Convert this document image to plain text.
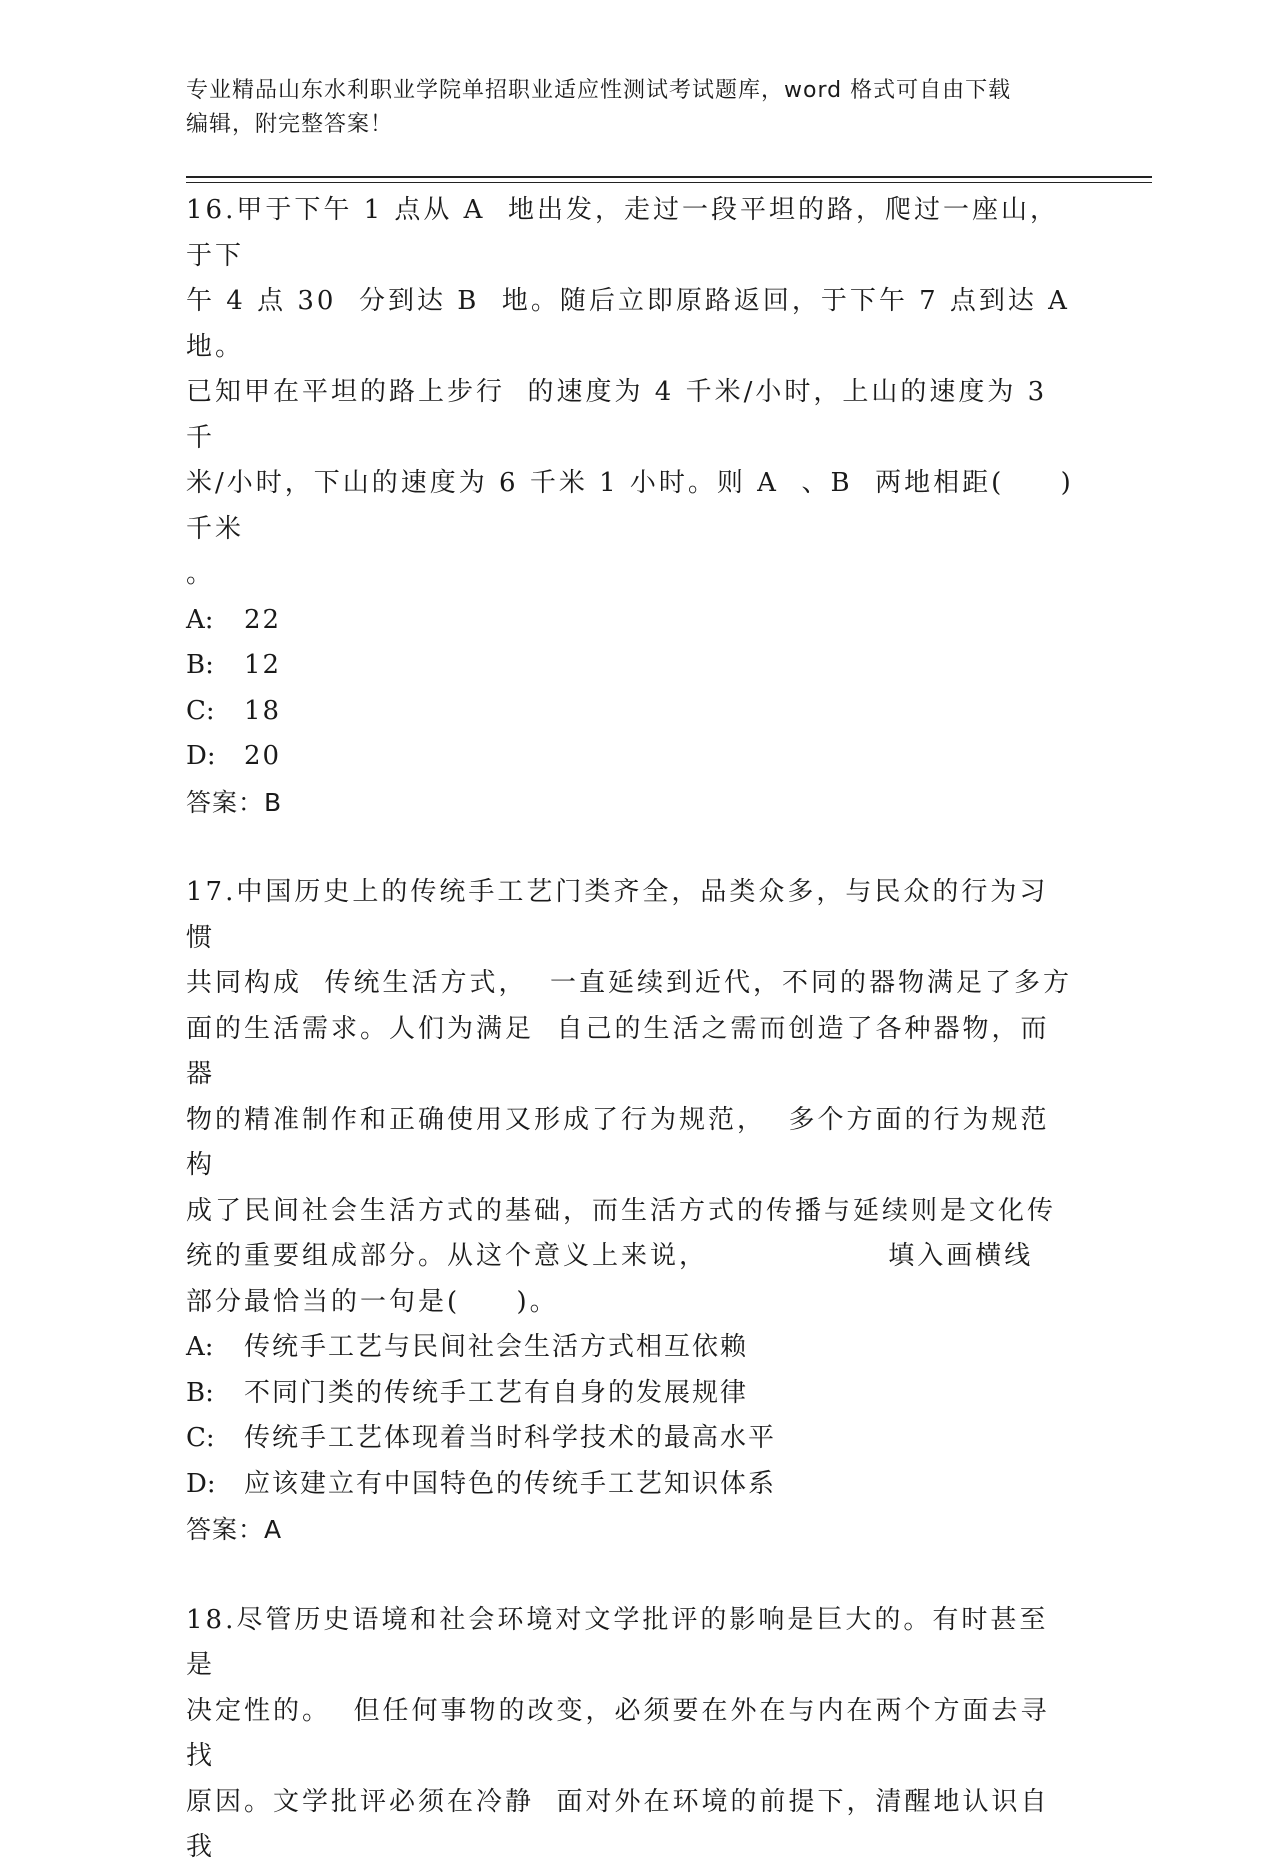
专业精品山东水利职业学院单招职业适应性测试考试题库，word 格式可自由下载
编辑，附完整答案！

16.甲于下午 1 点从 A  地出发，走过一段平坦的路，爬过一座山，于下
午 4 点 30  分到达 B  地。随后立即原路返回，于下午 7 点到达 A  地。
已知甲在平坦的路上步行  的速度为 4 千米/小时，上山的速度为 3 千
米/小时，下山的速度为 6 千米 1 小时。则 A  、B  两地相距(     )千米
。

A:	22
B:	12
C:	18
D:	20

答案：B

17.中国历史上的传统手工艺门类齐全，品类众多，与民众的行为习惯
共同构成  传统生活方式，  一直延续到近代，不同的器物满足了多方
面的生活需求。人们为满足  自己的生活之需而创造了各种器物，而器
物的精准制作和正确使用又形成了行为规范，  多个方面的行为规范构
成了民间社会生活方式的基础，而生活方式的传播与延续则是文化传
统的重要组成部分。从这个意义上来说，                填入画横线
部分最恰当的一句是(     )。

A:	传统手工艺与民间社会生活方式相互依赖
B:	不同门类的传统手工艺有自身的发展规律
C:	传统手工艺体现着当时科学技术的最高水平
D:	应该建立有中国特色的传统手工艺知识体系

答案：A

18.尽管历史语境和社会环境对文学批评的影响是巨大的。有时甚至是
决定性的。  但任何事物的改变，必须要在外在与内在两个方面去寻找
原因。文学批评必须在冷静  面对外在环境的前提下，清醒地认识自我
